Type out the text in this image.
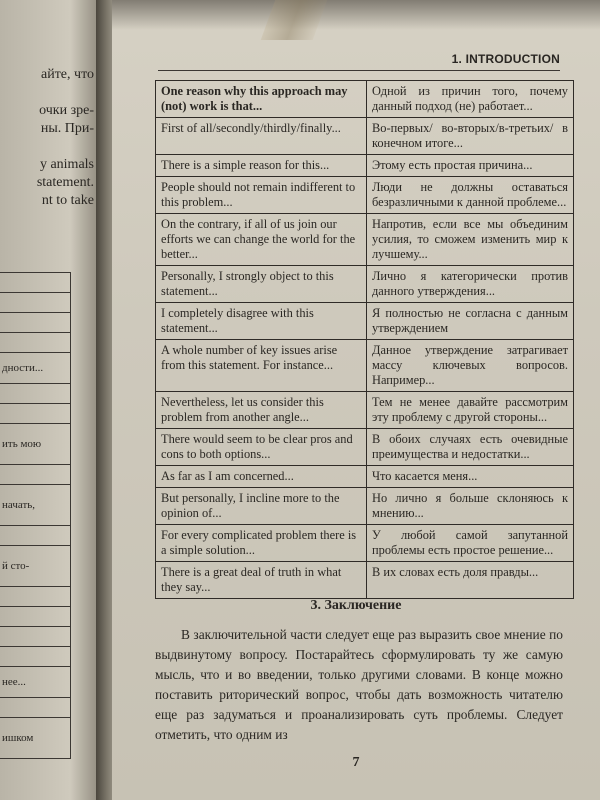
айте, что
очки зре-
ны. При-
y animals
statement.
nt to take
дности...
ить мою
начать,
й сто-
нее...
ишком
1. INTRODUCTION
One reason why this approach may (not) work is that...	Одной из причин того, почему данный подход (не) работает...
First of all/secondly/thirdly/finally...	Во-первых/ во-вторых/в-третьих/ в конечном итоге...
There is a simple reason for this...	Этому есть простая причина...
People should not remain indifferent to this problem...	Люди не должны оставаться безразличными к данной проблеме...
On the contrary, if all of us join our efforts we can change the world for the better...	Напротив, если все мы объединим усилия, то сможем изменить мир к лучшему...
Personally, I strongly object to this statement...	Лично я категорически против данного утверждения...
I completely disagree with this statement...	Я полностью не согласна с данным утверждением
A whole number of key issues arise from this statement. For instance...	Данное утверждение затрагивает массу ключевых вопросов. Например...
Nevertheless, let us consider this problem from another angle...	Тем не менее давайте рассмотрим эту проблему с другой стороны...
There would seem to be clear pros and cons to both options...	В обоих случаях есть очевидные преимущества и недостатки...
As far as I am concerned...	Что касается меня...
But personally, I incline more to the opinion of...	Но лично я больше склоняюсь к мнению...
For every complicated problem there is a simple solution...	У любой самой запутанной проблемы есть простое решение...
There is a great deal of truth in what they say...	В их словах есть доля правды...
3. Заключение
В заключительной части следует еще раз выразить свое мнение по выдвинутому вопросу. Постарайтесь сформулировать ту же самую мысль, что и во введении, только другими словами. В конце можно поставить риторический вопрос, чтобы дать возможность читателю еще раз задуматься и проанализировать суть проблемы. Следует отметить, что одним из
7
